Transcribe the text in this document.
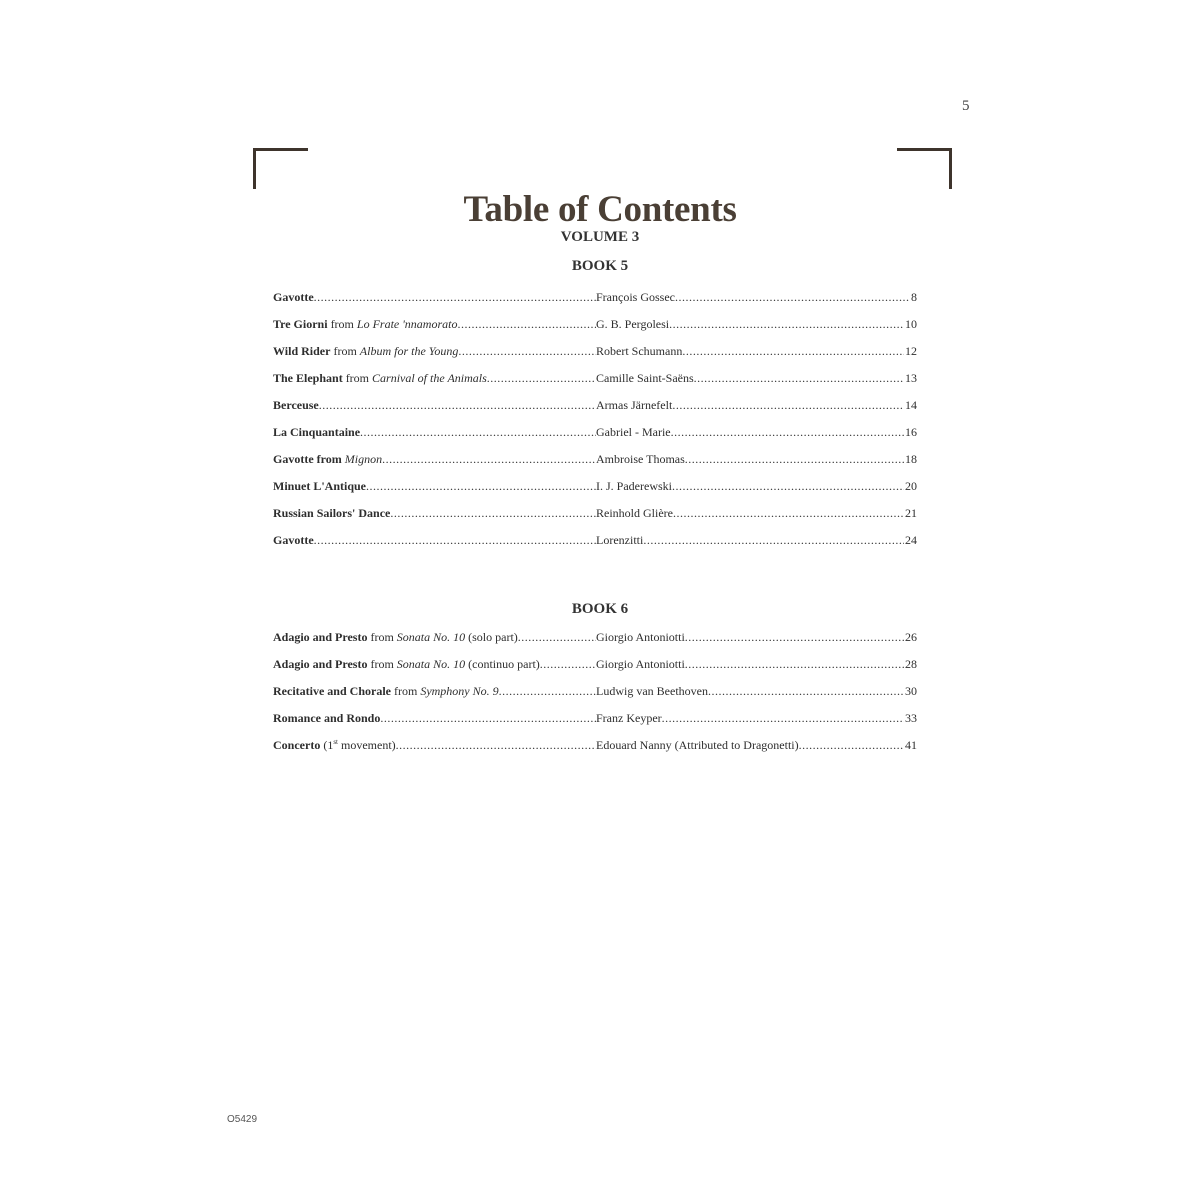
5
Table of Contents
VOLUME 3
BOOK 5
Gavotte .....	François Gossec .....	8
Tre Giorni from Lo Frate 'nnamorato .....	G. B. Pergolesi .....	10
Wild Rider from Album for the Young .....	Robert Schumann .....	12
The Elephant from Carnival of the Animals .....	Camille Saint-Saëns .....	13
Berceuse .....	Armas Järnefelt .....	14
La Cinquantaine .....	Gabriel - Marie .....	16
Gavotte from Mignon .....	Ambroise Thomas .....	18
Minuet L'Antique .....	I. J. Paderewski .....	20
Russian Sailors' Dance .....	Reinhold Glière .....	21
Gavotte .....	Lorenzitti .....	24
BOOK 6
Adagio and Presto from Sonata No. 10 (solo part) .....	Giorgio Antoniotti .....	26
Adagio and Presto from Sonata No. 10 (continuo part) .....	Giorgio Antoniotti .....	28
Recitative and Chorale from Symphony No. 9 .....	Ludwig van Beethoven .....	30
Romance and Rondo .....	Franz Keyper .....	33
Concerto (1st movement) .....	Edouard Nanny (Attributed to Dragonetti) .....	41
O5429
